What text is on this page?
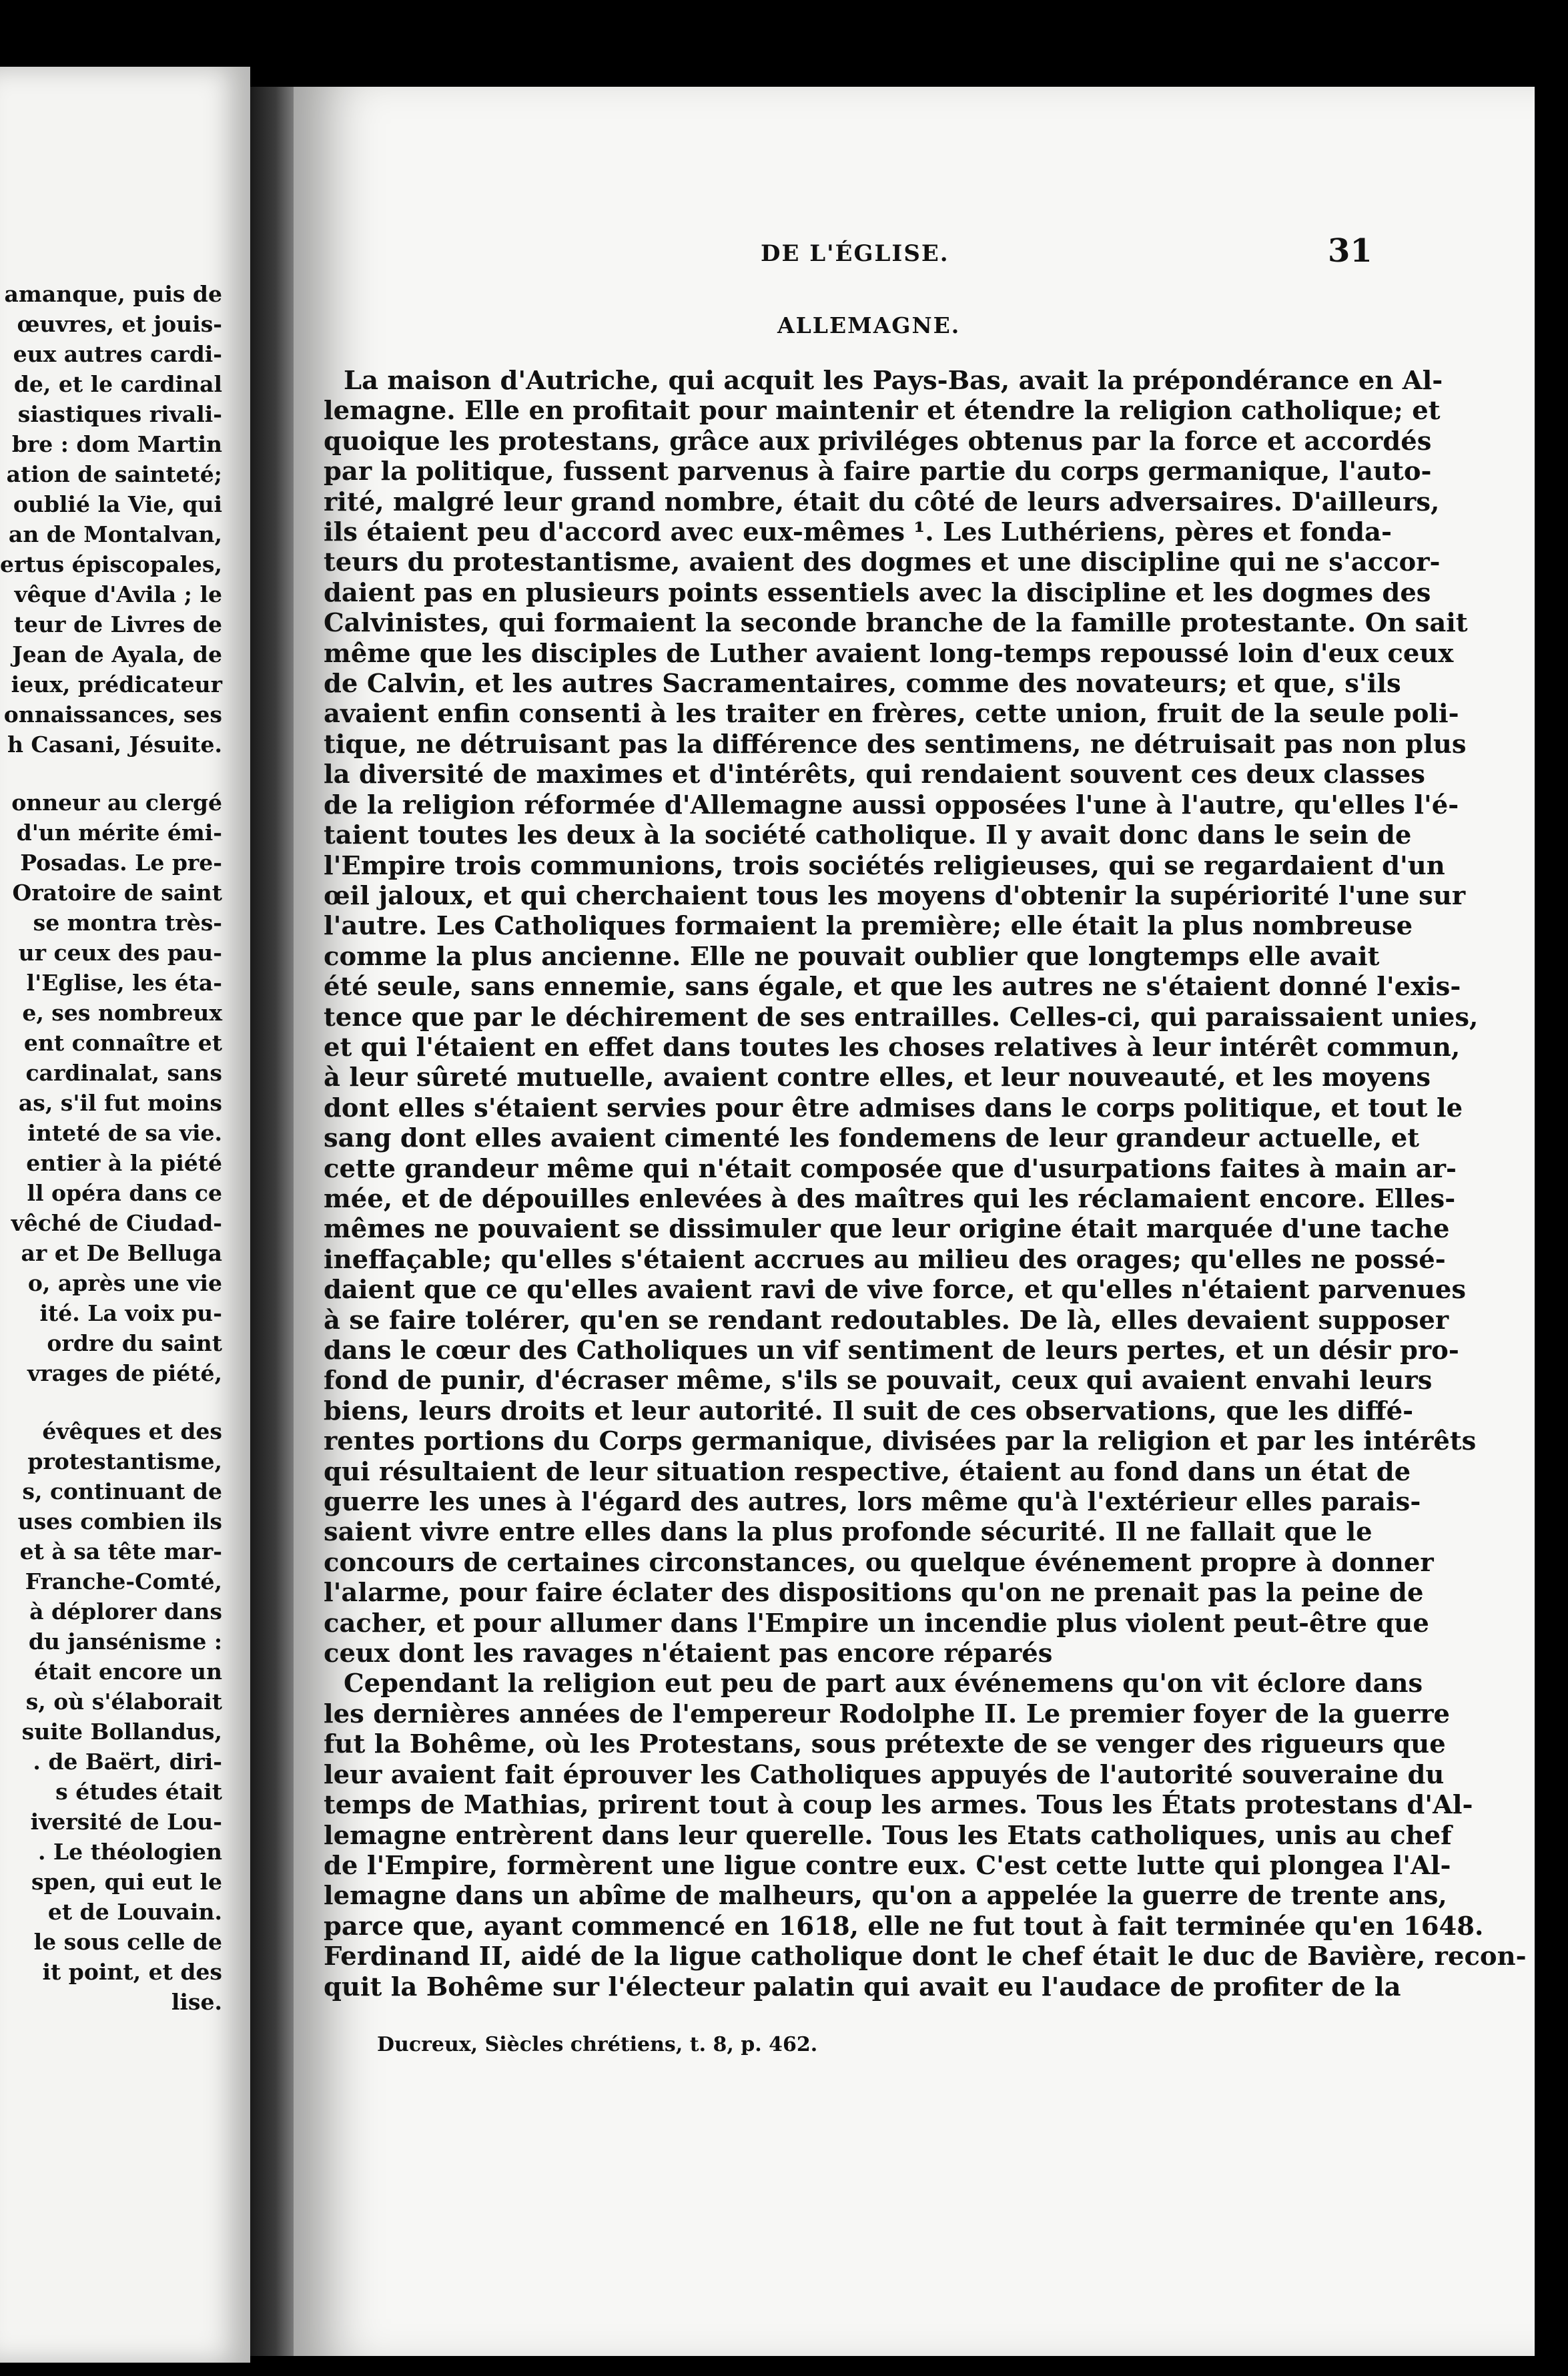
amanque, puis de
œuvres, et jouis-
eux autres cardi-
de, et le cardinal
siastiques rivali-
bre : dom Martin
ation de sainteté;
oublié la Vie, qui
an de Montalvan,
ertus épiscopales,
vêque d'Avila ; le
teur de Livres de
Jean de Ayala, de
ieux, prédicateur
onnaissances, ses
h Casani, Jésuite.
onneur au clergé
d'un mérite émi-
Posadas. Le pre-
Oratoire de saint
se montra très-
ur ceux des pau-
l'Eglise, les éta-
e, ses nombreux
ent connaître et
cardinalat, sans
as, s'il fut moins
inteté de sa vie.
entier à la piété
ll opéra dans ce
vêché de Ciudad-
ar et De Belluga
o, après une vie
ité. La voix pu-
ordre du saint
vrages de piété,
évêques et des
protestantisme,
s, continuant de
uses combien ils
et à sa tête mar-
Franche-Comté,
à déplorer dans
du jansénisme :
était encore un
s, où s'élaborait
suite Bollandus,
. de Baërt, diri-
s études était
iversité de Lou-
. Le théologien
spen, qui eut le
et de Louvain.
le sous celle de
it point, et des
lise.
DE L'ÉGLISE.	31
ALLEMAGNE.
La maison d'Autriche, qui acquit les Pays-Bas, avait la prépondérance en Al-
lemagne. Elle en profitait pour maintenir et étendre la religion catholique; et
quoique les protestans, grâce aux priviléges obtenus par la force et accordés
par la politique, fussent parvenus à faire partie du corps germanique, l'auto-
rité, malgré leur grand nombre, était du côté de leurs adversaires. D'ailleurs,
ils étaient peu d'accord avec eux-mêmes ¹. Les Luthériens, pères et fonda-
teurs du protestantisme, avaient des dogmes et une discipline qui ne s'accor-
daient pas en plusieurs points essentiels avec la discipline et les dogmes des
Calvinistes, qui formaient la seconde branche de la famille protestante. On sait
même que les disciples de Luther avaient long-temps repoussé loin d'eux ceux
de Calvin, et les autres Sacramentaires, comme des novateurs; et que, s'ils
avaient enfin consenti à les traiter en frères, cette union, fruit de la seule poli-
tique, ne détruisant pas la différence des sentimens, ne détruisait pas non plus
la diversité de maximes et d'intérêts, qui rendaient souvent ces deux classes
de la religion réformée d'Allemagne aussi opposées l'une à l'autre, qu'elles l'é-
taient toutes les deux à la société catholique. Il y avait donc dans le sein de
l'Empire trois communions, trois sociétés religieuses, qui se regardaient d'un
œil jaloux, et qui cherchaient tous les moyens d'obtenir la supériorité l'une sur
l'autre. Les Catholiques formaient la première; elle était la plus nombreuse
comme la plus ancienne. Elle ne pouvait oublier que longtemps elle avait
été seule, sans ennemie, sans égale, et que les autres ne s'étaient donné l'exis-
tence que par le déchirement de ses entrailles. Celles-ci, qui paraissaient unies,
et qui l'étaient en effet dans toutes les choses relatives à leur intérêt commun,
à leur sûreté mutuelle, avaient contre elles, et leur nouveauté, et les moyens
dont elles s'étaient servies pour être admises dans le corps politique, et tout le
sang dont elles avaient cimenté les fondemens de leur grandeur actuelle, et
cette grandeur même qui n'était composée que d'usurpations faites à main ar-
mée, et de dépouilles enlevées à des maîtres qui les réclamaient encore. Elles-
mêmes ne pouvaient se dissimuler que leur origine était marquée d'une tache
ineffaçable; qu'elles s'étaient accrues au milieu des orages; qu'elles ne possé-
daient que ce qu'elles avaient ravi de vive force, et qu'elles n'étaient parvenues
à se faire tolérer, qu'en se rendant redoutables. De là, elles devaient supposer
dans le cœur des Catholiques un vif sentiment de leurs pertes, et un désir pro-
fond de punir, d'écraser même, s'ils se pouvait, ceux qui avaient envahi leurs
biens, leurs droits et leur autorité. Il suit de ces observations, que les diffé-
rentes portions du Corps germanique, divisées par la religion et par les intérêts
qui résultaient de leur situation respective, étaient au fond dans un état de
guerre les unes à l'égard des autres, lors même qu'à l'extérieur elles parais-
saient vivre entre elles dans la plus profonde sécurité. Il ne fallait que le
concours de certaines circonstances, ou quelque événement propre à donner
l'alarme, pour faire éclater des dispositions qu'on ne prenait pas la peine de
cacher, et pour allumer dans l'Empire un incendie plus violent peut-être que
ceux dont les ravages n'étaient pas encore réparés
Cependant la religion eut peu de part aux événemens qu'on vit éclore dans
les dernières années de l'empereur Rodolphe II. Le premier foyer de la guerre
fut la Bohême, où les Protestans, sous prétexte de se venger des rigueurs que
leur avaient fait éprouver les Catholiques appuyés de l'autorité souveraine du
temps de Mathias, prirent tout à coup les armes. Tous les États protestans d'Al-
lemagne entrèrent dans leur querelle. Tous les Etats catholiques, unis au chef
de l'Empire, formèrent une ligue contre eux. C'est cette lutte qui plongea l'Al-
lemagne dans un abîme de malheurs, qu'on a appelée la guerre de trente ans,
parce que, ayant commencé en 1618, elle ne fut tout à fait terminée qu'en 1648.
Ferdinand II, aidé de la ligue catholique dont le chef était le duc de Bavière, recon-
quit la Bohême sur l'électeur palatin qui avait eu l'audace de profiter de la
Ducreux, Siècles chrétiens, t. 8, p. 462.
